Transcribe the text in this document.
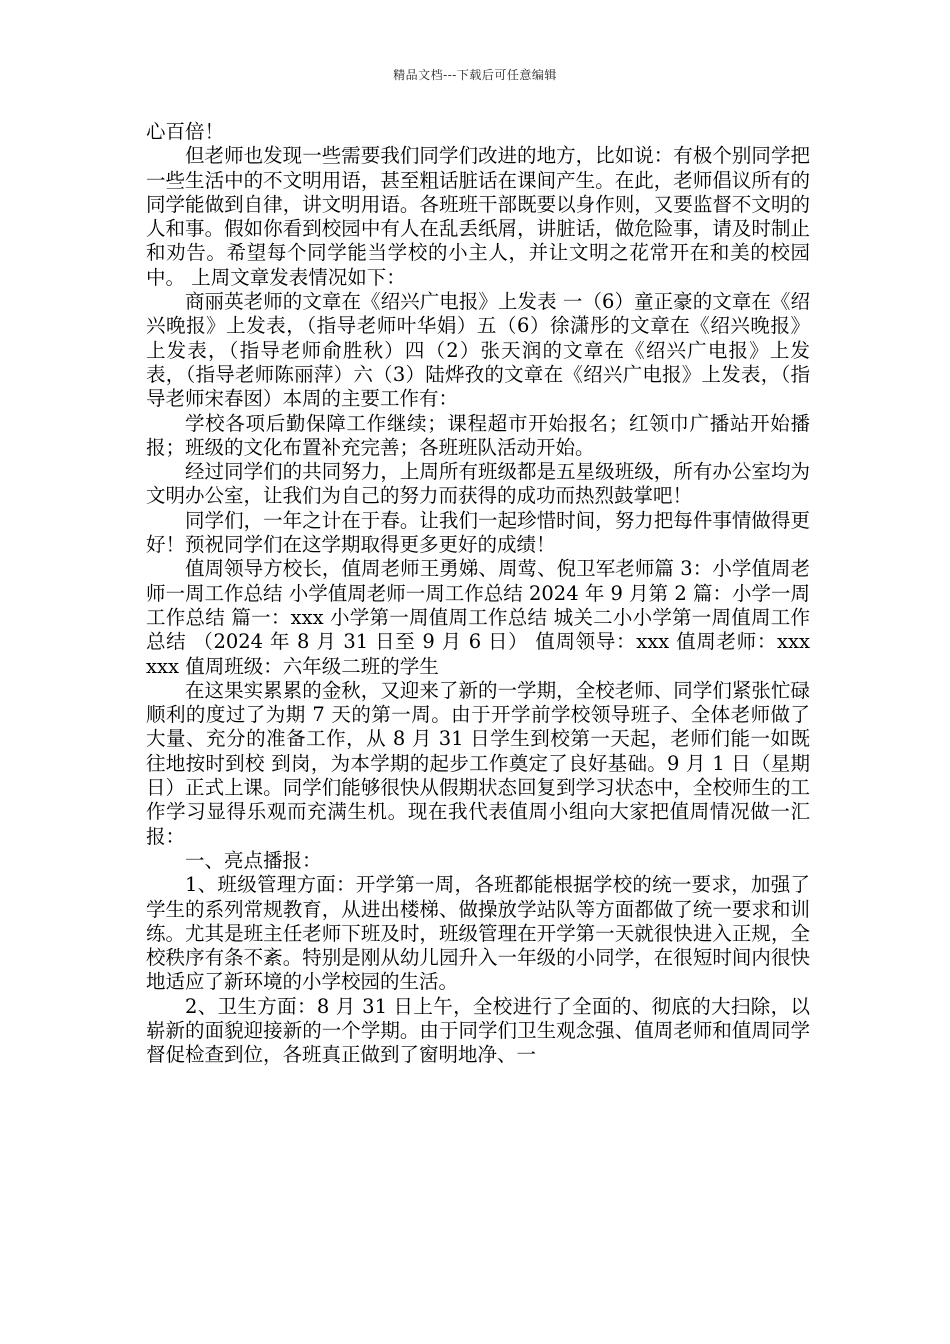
精品文档---下载后可任意编辑

心百倍！

但老师也发现一些需要我们同学们改进的地方，比如说：有极个别同学把一些生活中的不文明用语，甚至粗话脏话在课间产生。在此，老师倡议所有的同学能做到自律，讲文明用语。各班班干部既要以身作则，又要监督不文明的人和事。假如你看到校园中有人在乱丢纸屑，讲脏话，做危险事，请及时制止和劝告。希望每个同学能当学校的小主人，并让文明之花常开在和美的校园中。 上周文章发表情况如下：

商丽英老师的文章在《绍兴广电报》上发表 一（6）童正豪的文章在《绍兴晚报》上发表，（指导老师叶华娟）五（6）徐潇彤的文章在《绍兴晚报》上发表，（指导老师俞胜秋）四（2）张天润的文章在《绍兴广电报》上发表，（指导老师陈丽萍）六（3）陆烨孜的文章在《绍兴广电报》上发表，（指导老师宋春囡）本周的主要工作有：

学校各项后勤保障工作继续；课程超市开始报名；红领巾广播站开始播报；班级的文化布置补充完善；各班班队活动开始。

经过同学们的共同努力，上周所有班级都是五星级班级，所有办公室均为文明办公室，让我们为自己的努力而获得的成功而热烈鼓掌吧！

同学们，一年之计在于春。让我们一起珍惜时间，努力把每件事情做得更好！预祝同学们在这学期取得更多更好的成绩！

值周领导方校长，值周老师王勇娣、周莺、倪卫军老师篇 3：小学值周老师一周工作总结 小学值周老师一周工作总结 2024 年 9 月第 2 篇：小学一周工作总结 篇一：xxx 小学第一周值周工作总结 城关二小小学第一周值周工作总结 （2024 年 8 月 31 日至 9 月 6 日） 值周领导：xxx 值周老师：xxx xxx 值周班级：六年级二班的学生

在这果实累累的金秋，又迎来了新的一学期，全校老师、同学们紧张忙碌顺利的度过了为期 7 天的第一周。由于开学前学校领导班子、全体老师做了大量、充分的准备工作，从 8 月 31 日学生到校第一天起，老师们能一如既往地按时到校 到岗，为本学期的起步工作奠定了良好基础。9 月 1 日（星期日）正式上课。同学们能够很快从假期状态回复到学习状态中，全校师生的工作学习显得乐观而充满生机。现在我代表值周小组向大家把值周情况做一汇报：

一、亮点播报：

1、班级管理方面：开学第一周，各班都能根据学校的统一要求，加强了学生的系列常规教育，从进出楼梯、做操放学站队等方面都做了统一要求和训练。尤其是班主任老师下班及时，班级管理在开学第一天就很快进入正规，全校秩序有条不紊。特别是刚从幼儿园升入一年级的小同学，在很短时间内很快地适应了新环境的小学校园的生活。

2、卫生方面：8 月 31 日上午，全校进行了全面的、彻底的大扫除，以崭新的面貌迎接新的一个学期。由于同学们卫生观念强、值周老师和值周同学督促检查到位，各班真正做到了窗明地净、一
